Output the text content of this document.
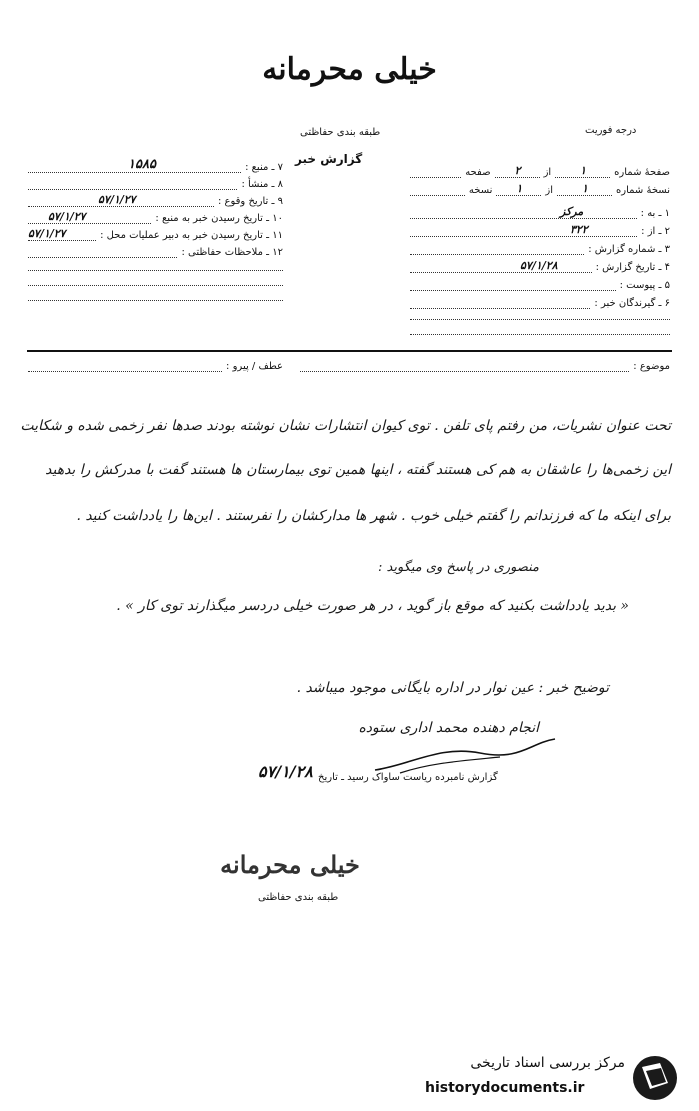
خیلی محرمانه
طبقه بندی حفاظتی	درجه فوریت
گزارش خبر
۷ ـ منبع :
۱۵۸۵
۸ ـ منشأ :
۹ ـ تاریخ وقوع :
۵۷/۱/۲۷
۱۰ ـ تاریخ رسیدن خبر به منبع :
۵۷/۱/۲۷
۱۱ ـ تاریخ رسیدن خبر به دبیر عملیات محل :
۵۷/۱/۲۷
۱۲ ـ ملاحظات حفاظتی :
صفحهٔ شماره
۱
از
۲
صفحه
نسخهٔ شماره
۱
از
۱
نسخه
۱ ـ به :
مرکز
۲ ـ از :
۳۲۲
۳ ـ شماره گزارش :
۴ ـ تاریخ گزارش :
۵۷/۱/۲۸
۵ ـ پیوست :
۶ ـ گیرندگان خبر :
موضوع :
عطف / پیرو :
تحت عنوان نشریات، من رفتم پای تلفن . توی کیوان انتشارات نشان نوشته بودند صدها نفر زخمی شده و شکایت
این زخمی‌ها را عاشقان به هم کی هستند گفته ، اینها همین توی بیمارستان ها هستند گفت با مدرکش را بدهید
برای اینکه ما که فرزندانم را گفتم خیلی خوب . شهر ها مدارکشان را نفرستند . این‌ها را یادداشت کنید .
منصوری در پاسخ وی میگوید :
« بدید یادداشت بکنید که موقع باز گوید ، در هر صورت خیلی دردسر میگذارند توی کار » .
توضیح خبر : عین نوار در اداره بایگانی موجود میباشد .
انجام دهنده محمد اداری ستوده
گزارش نامبرده ریاست ساواک رسید ـ تاریخ
۵۷/۱/۲۸
خیلی محرمانه
طبقه بندی حفاظتی
مرکز بررسی اسناد تاریخی
historydocuments.ir
